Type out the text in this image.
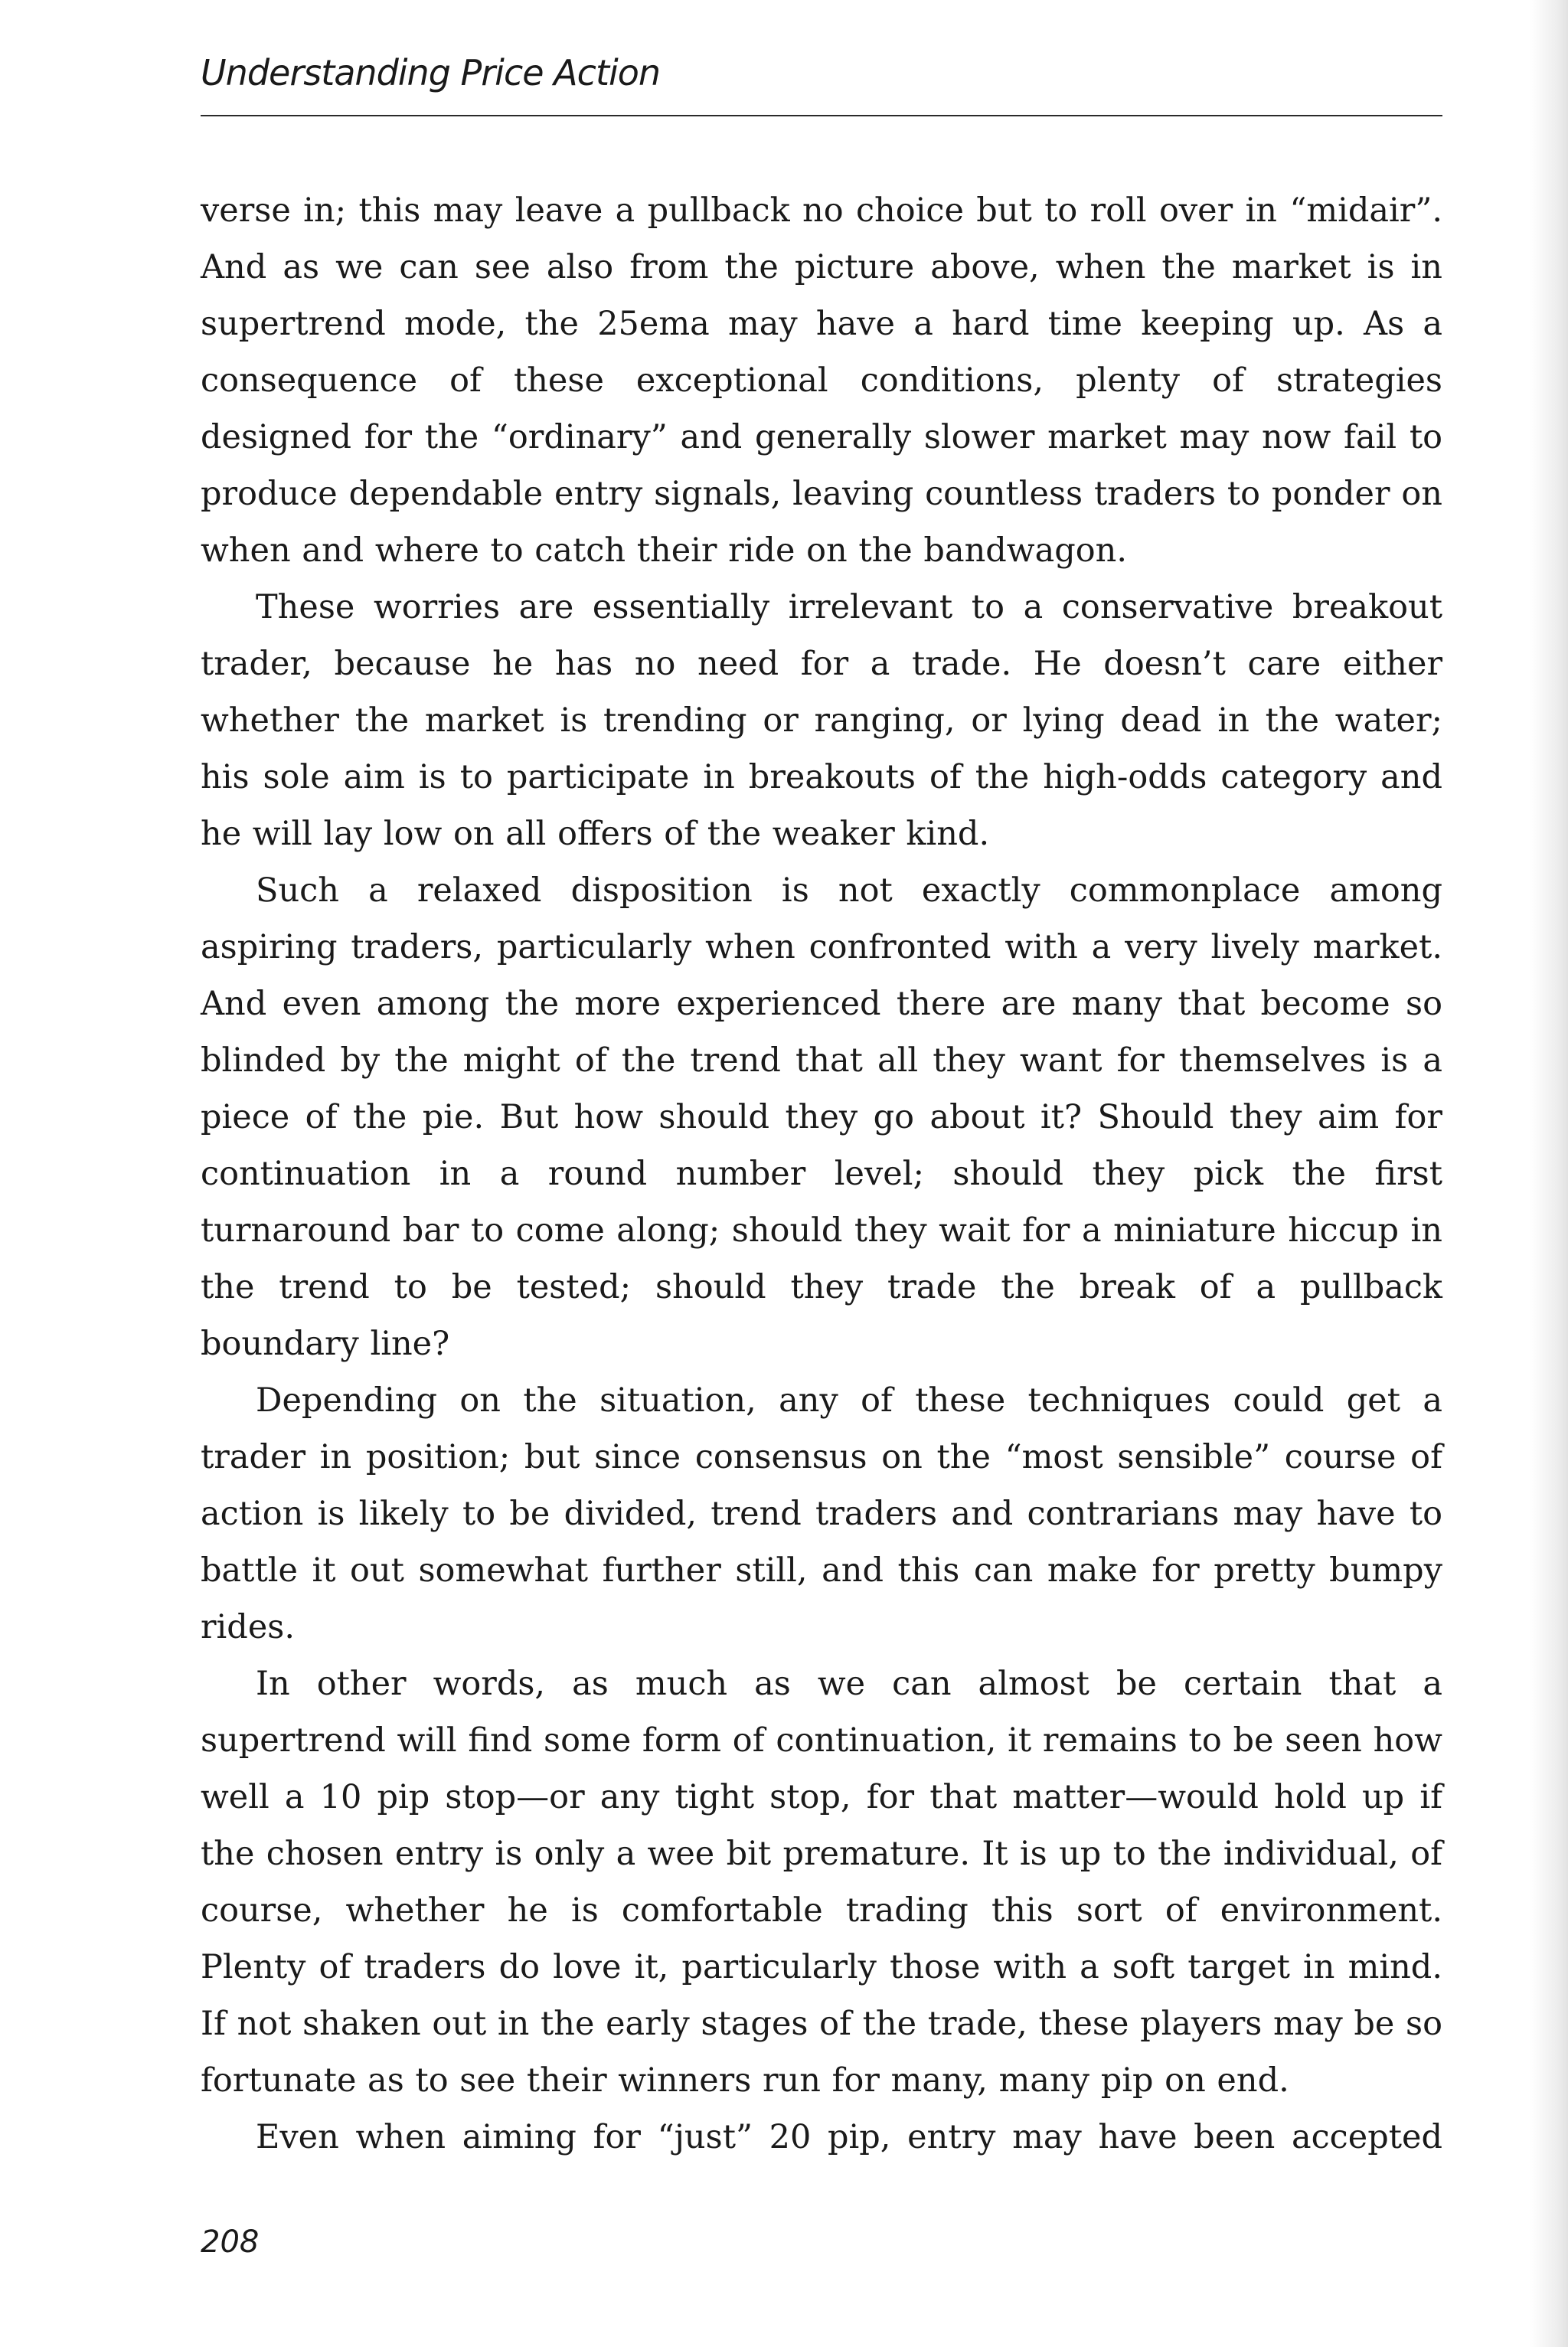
Understanding Price Action

verse in; this may leave a pullback no choice but to roll over in “midair”. And as we can see also from the picture above, when the market is in supertrend mode, the 25ema may have a hard time keeping up. As a consequence of these exceptional conditions, plenty of strategies designed for the “ordinary” and generally slower market may now fail to produce dependable entry signals, leaving countless traders to ponder on when and where to catch their ride on the bandwagon.

These worries are essentially irrelevant to a conservative breakout trader, because he has no need for a trade. He doesn’t care either whether the market is trending or ranging, or lying dead in the water; his sole aim is to participate in breakouts of the high-odds category and he will lay low on all offers of the weaker kind.

Such a relaxed disposition is not exactly commonplace among aspiring traders, particularly when confronted with a very lively market. And even among the more experienced there are many that become so blinded by the might of the trend that all they want for themselves is a piece of the pie. But how should they go about it? Should they aim for continuation in a round number level; should they pick the first turnaround bar to come along; should they wait for a miniature hiccup in the trend to be tested; should they trade the break of a pullback boundary line?

Depending on the situation, any of these techniques could get a trader in position; but since consensus on the “most sensible” course of action is likely to be divided, trend traders and contrarians may have to battle it out somewhat further still, and this can make for pretty bumpy rides.

In other words, as much as we can almost be certain that a supertrend will find some form of continuation, it remains to be seen how well a 10 pip stop—or any tight stop, for that matter—would hold up if the chosen entry is only a wee bit premature. It is up to the individual, of course, whether he is comfortable trading this sort of environment. Plenty of traders do love it, particularly those with a soft target in mind. If not shaken out in the early stages of the trade, these players may be so fortunate as to see their winners run for many, many pip on end.

Even when aiming for “just” 20 pip, entry may have been accepted

208
